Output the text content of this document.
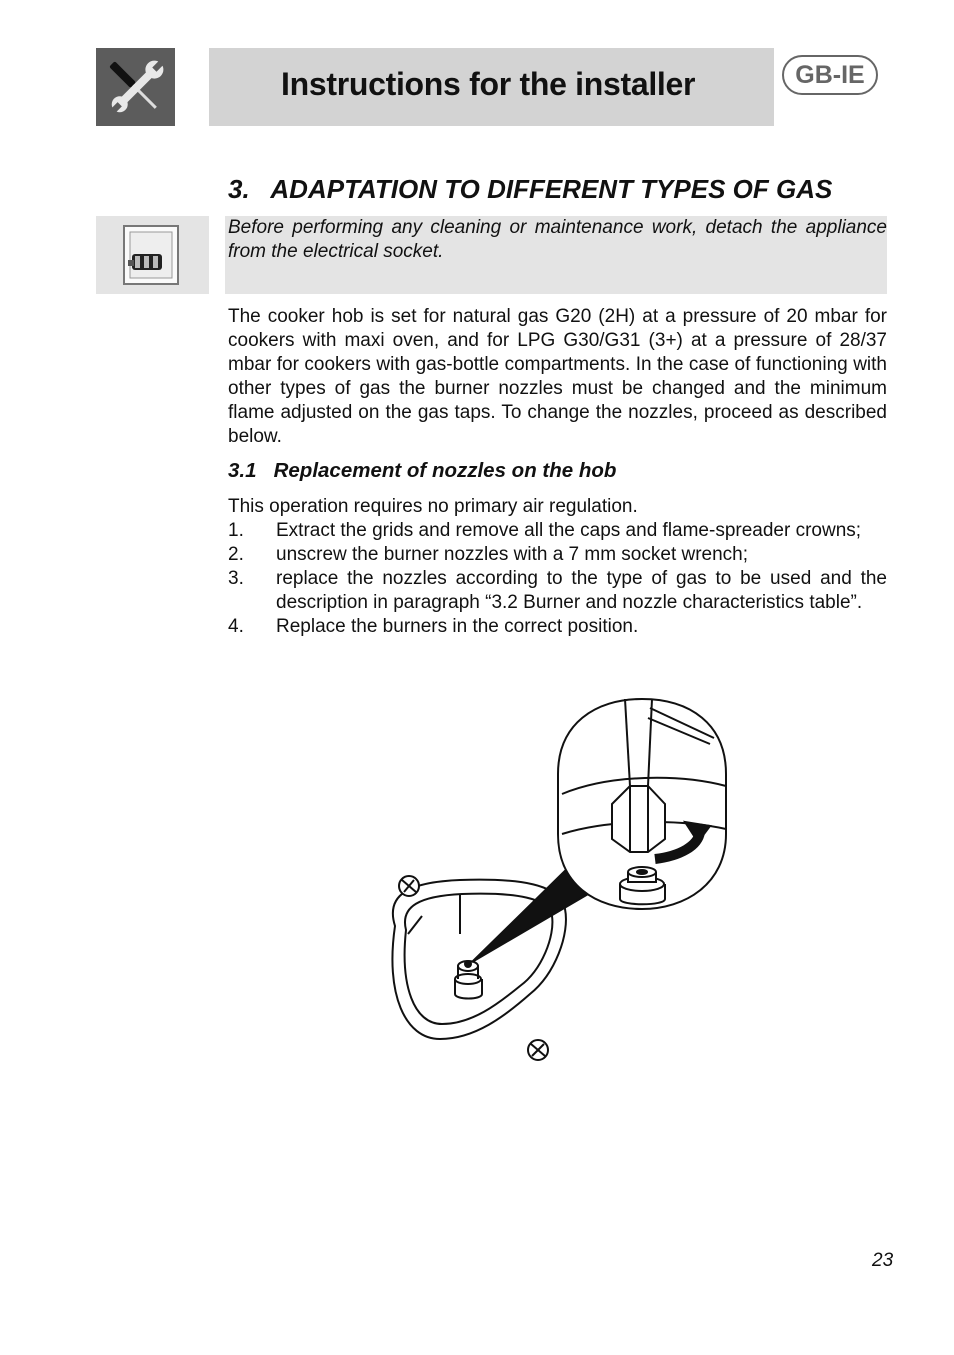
Instructions for the installer	GB-IE
3. ADAPTATION TO DIFFERENT TYPES OF GAS

Before performing any cleaning or maintenance work, detach the appliance from the electrical socket.

The cooker hob is set for natural gas G20 (2H) at a pressure of 20 mbar for cookers with maxi oven, and for LPG G30/G31 (3+) at a pressure of 28/37 mbar for cookers with gas-bottle compartments. In the case of functioning with other types of gas the burner nozzles must be changed and the minimum flame adjusted on the gas taps. To change the nozzles, proceed as described below.

3.1 Replacement of nozzles on the hob
This operation requires no primary air regulation.
1.	Extract the grids and remove all the caps and flame-spreader crowns;
2.	unscrew the burner nozzles with a 7 mm socket wrench;
3.	replace the nozzles according to the type of gas to be used and the description in paragraph “3.2 Burner and nozzle characteristics table”.
4.	Replace the burners in the correct position.
23
